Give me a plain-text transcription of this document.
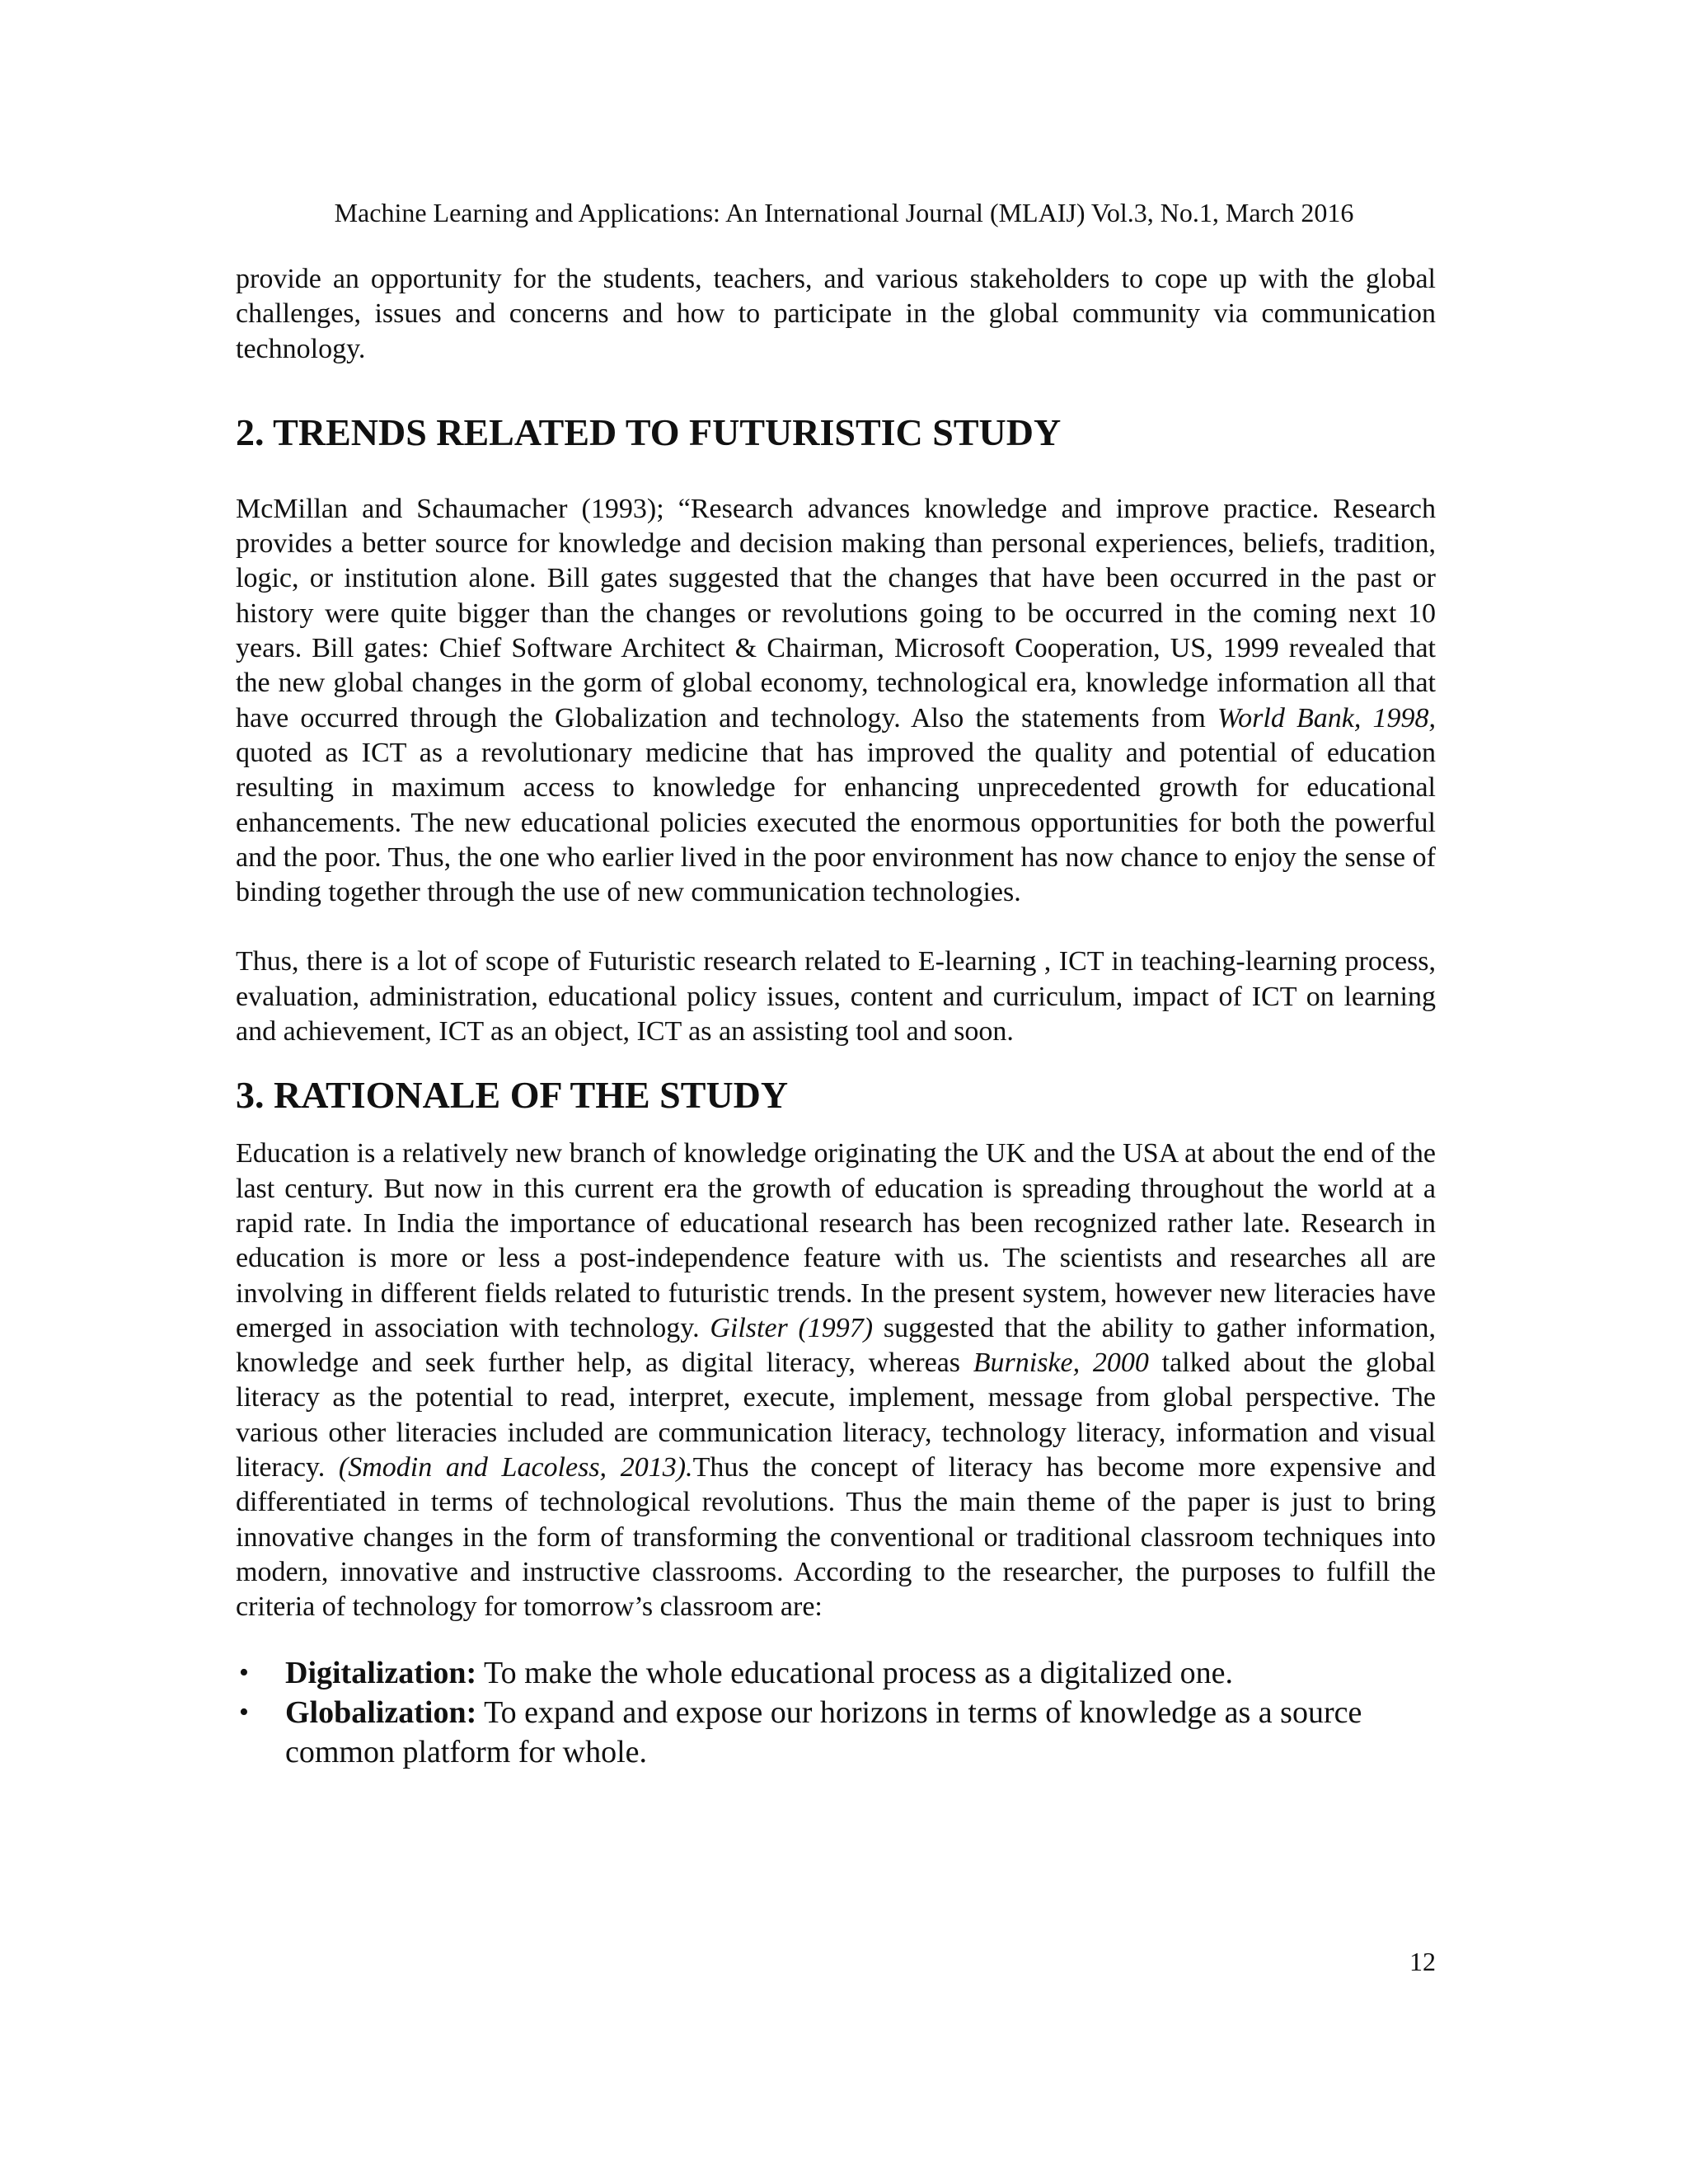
Machine Learning and Applications: An International Journal (MLAIJ) Vol.3, No.1, March 2016

provide an opportunity for the students, teachers, and various stakeholders to cope up with the global challenges, issues and concerns and how to participate in the global community via communication technology.

2. TRENDS RELATED TO FUTURISTIC STUDY

McMillan and Schaumacher (1993); “Research advances knowledge and improve practice. Research provides a better source for knowledge and decision making than personal experiences, beliefs, tradition, logic, or institution alone. Bill gates suggested that the changes that have been occurred in the past or history were quite bigger than the changes or revolutions going to be occurred in the coming next 10 years. Bill gates: Chief Software Architect & Chairman, Microsoft Cooperation, US, 1999 revealed that the new global changes in the gorm of global economy, technological era, knowledge information all that have occurred through the Globalization and technology. Also the statements from World Bank, 1998, quoted as ICT as a revolutionary medicine that has improved the quality and potential of education resulting in maximum access to knowledge for enhancing unprecedented growth for educational enhancements. The new educational policies executed the enormous opportunities for both the powerful and the poor. Thus, the one who earlier lived in the poor environment has now chance to enjoy the sense of binding together through the use of new communication technologies.

Thus, there is a lot of scope of Futuristic research related to E-learning , ICT in teaching-learning process, evaluation, administration, educational policy issues, content and curriculum, impact of ICT on learning and achievement, ICT as an object, ICT as an assisting tool and soon.

3. RATIONALE OF THE STUDY

Education is a relatively new branch of knowledge originating the UK and the USA at about the end of the last century. But now in this current era the growth of education is spreading throughout the world at a rapid rate. In India the importance of educational research has been recognized rather late. Research in education is more or less a post-independence feature with us. The scientists and researches all are involving in different fields related to futuristic trends. In the present system, however new literacies have emerged in association with technology. Gilster (1997) suggested that the ability to gather information, knowledge and seek further help, as digital literacy, whereas Burniske, 2000 talked about the global literacy as the potential to read, interpret, execute, implement, message from global perspective. The various other literacies included are communication literacy, technology literacy, information and visual literacy. (Smodin and Lacoless, 2013).Thus the concept of literacy has become more expensive and differentiated in terms of technological revolutions. Thus the main theme of the paper is just to bring innovative changes in the form of transforming the conventional or traditional classroom techniques into modern, innovative and instructive classrooms. According to the researcher, the purposes to fulfill the criteria of technology for tomorrow’s classroom are:

• Digitalization: To make the whole educational process as a digitalized one.
• Globalization: To expand and expose our horizons in terms of knowledge as a source common platform for whole.
12
